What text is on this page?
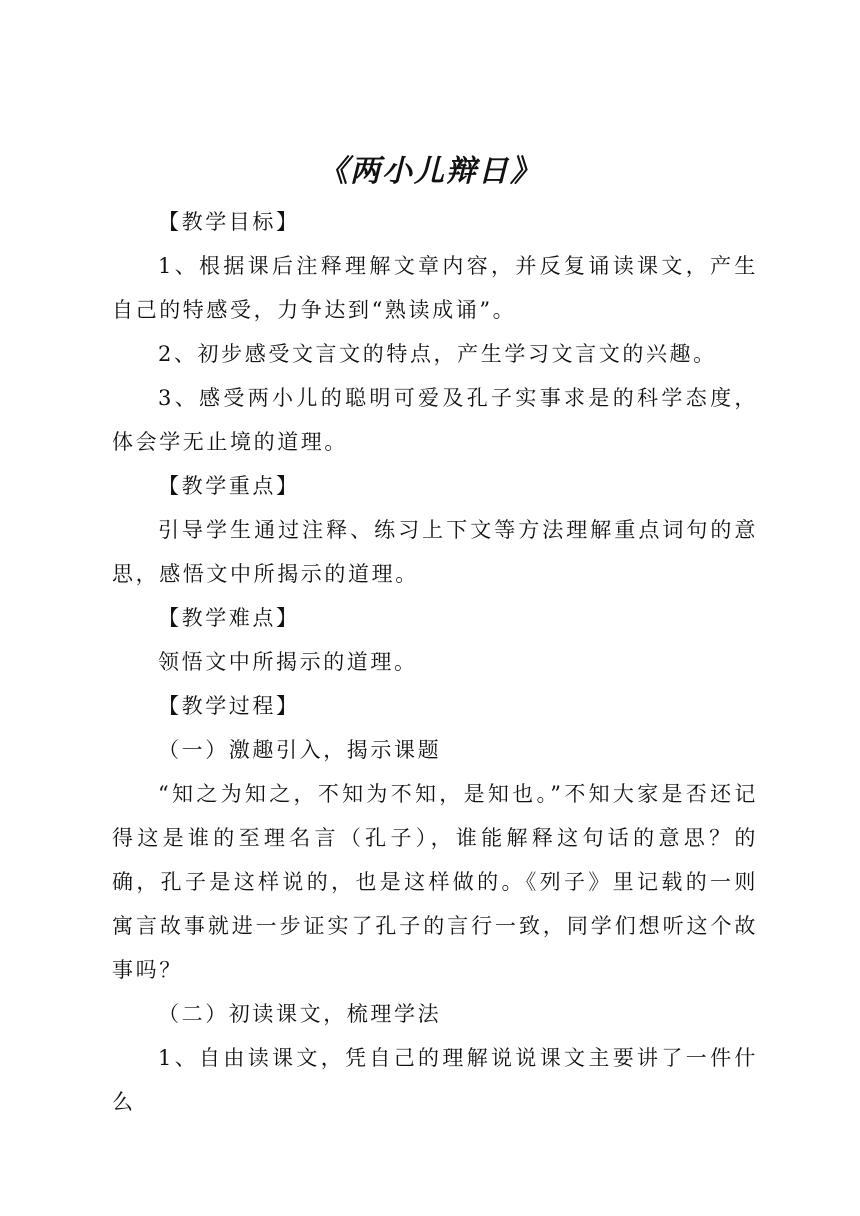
《两小儿辩日》

【教学目标】

1、根据课后注释理解文章内容，并反复诵读课文，产生自己的特感受，力争达到“熟读成诵”。

2、初步感受文言文的特点，产生学习文言文的兴趣。

3、感受两小儿的聪明可爱及孔子实事求是的科学态度，体会学无止境的道理。

【教学重点】

引导学生通过注释、练习上下文等方法理解重点词句的意思，感悟文中所揭示的道理。

【教学难点】

领悟文中所揭示的道理。

【教学过程】

（一）激趣引入，揭示课题

“知之为知之，不知为不知，是知也。”不知大家是否还记得这是谁的至理名言（孔子），谁能解释这句话的意思？的确，孔子是这样说的，也是这样做的。《列子》里记载的一则寓言故事就进一步证实了孔子的言行一致，同学们想听这个故事吗？

（二）初读课文，梳理学法

1、自由读课文，凭自己的理解说说课文主要讲了一件什么
